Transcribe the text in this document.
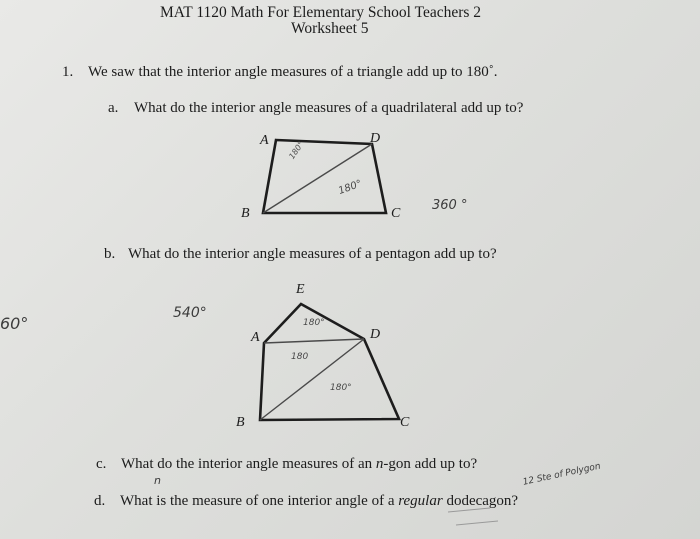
MAT 1120 Math For Elementary School Teachers 2
Worksheet 5
1. We saw that the interior angle measures of a triangle add up to 180˚.
a. What do the interior angle measures of a quadrilateral add up to?
b. What do the interior angle measures of a pentagon add up to?
c. What do the interior angle measures of an n-gon add up to?
d. What is the measure of one interior angle of a regular dodecagon?
A	D
B	C
180°
180°
E
A	D
B	C
180°
180
180°
360 °
540°
60°
n	12 Ste of Polygon
